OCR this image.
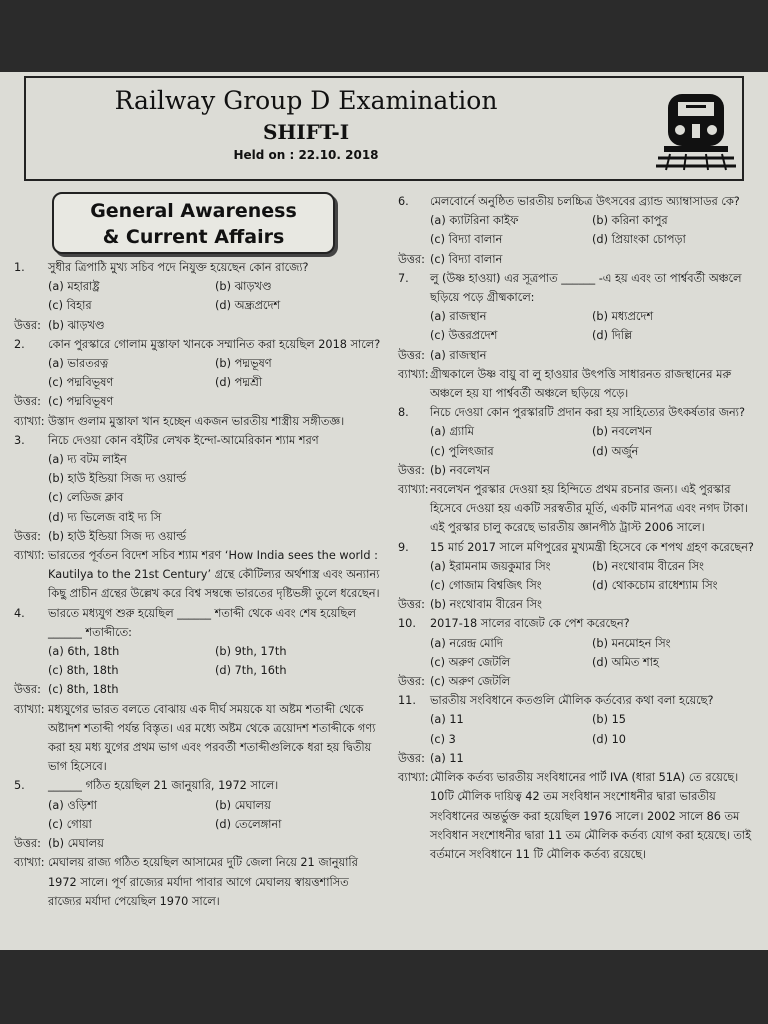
Railway Group D Examination
SHIFT-I
Held on : 22.10. 2018
General Awareness
& Current Affairs
1.	সুধীর ত্রিপাঠি মুখ্য সচিব পদে নিযুক্ত হয়েছেন কোন রাজ্যে?
(a) মহারাষ্ট্র	(b) ঝাড়খণ্ড
(c) বিহার	(d) অন্ধ্রপ্রদেশ
উত্তর: (b) ঝাড়খণ্ড
2.	কোন পুরস্কারে গোলাম মুস্তাফা খানকে সম্মানিত করা হয়েছিল 2018 সালে?
(a) ভারতরত্ন	(b) পদ্মভূষণ
(c) পদ্মবিভূষণ	(d) পদ্মশ্রী
উত্তর: (c) পদ্মবিভূষণ
ব্যাখ্যা: উস্তাদ গুলাম মুস্তাফা খান হচ্ছেন একজন ভারতীয় শাস্ত্রীয় সঙ্গীতজ্ঞ।
3.	নিচে দেওয়া কোন বইটির লেখক ইন্দো-আমেরিকান শ্যাম শরণ
(a) দ্য বটম লাইন
(b) হাউ ইন্ডিয়া সিজ দ্য ওয়ার্ল্ড
(c) লেডিজ ক্লাব
(d) দ্য ভিলেজ বাই দ্য সি
উত্তর: (b) হাউ ইন্ডিয়া সিজ দ্য ওয়ার্ল্ড
ব্যাখ্যা: ভারতের পূর্বতন বিদেশ সচিব শ্যাম শরণ ‘How India sees the world : Kautilya to the 21st Century’ গ্রন্থে কৌটিল্যর অর্থশাস্ত্র এবং অন্যান্য কিছু প্রাচীন গ্রন্থের উল্লেখ করে বিশ্ব সম্বন্ধে ভারতের দৃষ্টিভঙ্গী তুলে ধরেছেন।
4.	ভারতে মধ্যযুগ শুরু হয়েছিল ______ শতাব্দী থেকে এবং শেষ হয়েছিল ______ শতাব্দীতে:
(a) 6th, 18th	(b) 9th, 17th
(c) 8th, 18th	(d) 7th, 16th
উত্তর: (c) 8th, 18th
ব্যাখ্যা: মধ্যযুগের ভারত বলতে বোঝায় এক দীর্ঘ সময়কে যা অষ্টম শতাব্দী থেকে অষ্টাদশ শতাব্দী পর্যন্ত বিস্তৃত। এর মধ্যে অষ্টম থেকে ত্রয়োদশ শতাব্দীকে গণ্য করা হয় মধ্য যুগের প্রথম ভাগ এবং পরবর্তী শতাব্দীগুলিকে ধরা হয় দ্বিতীয় ভাগ হিসেবে।
5.	______ গঠিত হয়েছিল 21 জানুয়ারি, 1972 সালে।
(a) ওড়িশা	(b) মেঘালয়
(c) গোয়া	(d) তেলেঙ্গানা
উত্তর: (b) মেঘালয়
ব্যাখ্যা: মেঘালয় রাজ্য গঠিত হয়েছিল আসামের দুটি জেলা নিয়ে 21 জানুয়ারি 1972 সালে। পূর্ণ রাজ্যের মর্যাদা পাবার আগে মেঘালয় স্বায়ত্তশাসিত রাজ্যের মর্যাদা পেয়েছিল 1970 সালে।
6.	মেলবোর্নে অনুষ্ঠিত ভারতীয় চলচ্চিত্র উৎসবের ব্র্যান্ড অ্যাম্বাসাডর কে?
(a) ক্যাটরিনা কাইফ	(b) করিনা কাপুর
(c) বিদ্যা বালান	(d) প্রিয়াংকা চোপড়া
উত্তর: (c) বিদ্যা বালান
7.	লু (উষ্ণ হাওয়া) এর সূত্রপাত ______ -এ হয় এবং তা পার্শ্ববর্তী অঞ্চলে ছড়িয়ে পড়ে গ্রীষ্মকালে:
(a) রাজস্থান	(b) মধ্যপ্রদেশ
(c) উত্তরপ্রদেশ	(d) দিল্লি
উত্তর: (a) রাজস্থান
ব্যাখ্যা: গ্রীষ্মকালে উষ্ণ বায়ু বা লু হাওয়ার উৎপত্তি সাধারনত রাজস্থানের মরু অঞ্চলে হয় যা পার্শ্ববর্তী অঞ্চলে ছড়িয়ে পড়ে।
8.	নিচে দেওয়া কোন পুরস্কারটি প্রদান করা হয় সাহিত্যের উৎকর্ষতার জন্য?
(a) গ্র্যামি	(b) নবলেখন
(c) পুলিৎজার	(d) অর্জুন
উত্তর: (b) নবলেখন
ব্যাখ্যা: নবলেখন পুরস্কার দেওয়া হয় হিন্দিতে প্রথম রচনার জন্য। এই পুরস্কার হিসেবে দেওয়া হয় একটি সরস্বতীর মূর্তি, একটি মানপত্র এবং নগদ টাকা। এই পুরস্কার চালু করেছে ভারতীয় জ্ঞানপীঠ ট্রাস্ট 2006 সালে।
9.	15 মার্চ 2017 সালে মণিপুরের মুখ্যমন্ত্রী হিসেবে কে শপথ গ্রহণ করেছেন?
(a) ইরামনাম জয়কুমার সিং	(b) নংথোবাম বীরেন সিং
(c) গোজাম বিশ্বজিৎ সিং	(d) থোকচোম রাধেশ্যাম সিং
উত্তর: (b) নংথোবাম বীরেন সিং
10.	2017-18 সালের বাজেট কে পেশ করেছেন?
(a) নরেন্দ্র মোদি	(b) মনমোহন সিং
(c) অরুণ জেটলি	(d) অমিত শাহ
উত্তর: (c) অরুণ জেটলি
11.	ভারতীয় সংবিধানে কতগুলি মৌলিক কর্তব্যের কথা বলা হয়েছে?
(a) 11	(b) 15
(c) 3	(d) 10
উত্তর: (a) 11
ব্যাখ্যা: মৌলিক কর্তব্য ভারতীয় সংবিধানের পার্ট IVA (ধারা 51A) তে রয়েছে। 10টি মৌলিক দায়িত্ব 42 তম সংবিধান সংশোধনীর দ্বারা ভারতীয় সংবিধানের অন্তর্ভুক্ত করা হয়েছিল 1976 সালে। 2002 সালে 86 তম সংবিধান সংশোধনীর দ্বারা 11 তম মৌলিক কর্তব্য যোগ করা হয়েছে। তাই বর্তমানে সংবিধানে 11 টি মৌলিক কর্তব্য রয়েছে।
